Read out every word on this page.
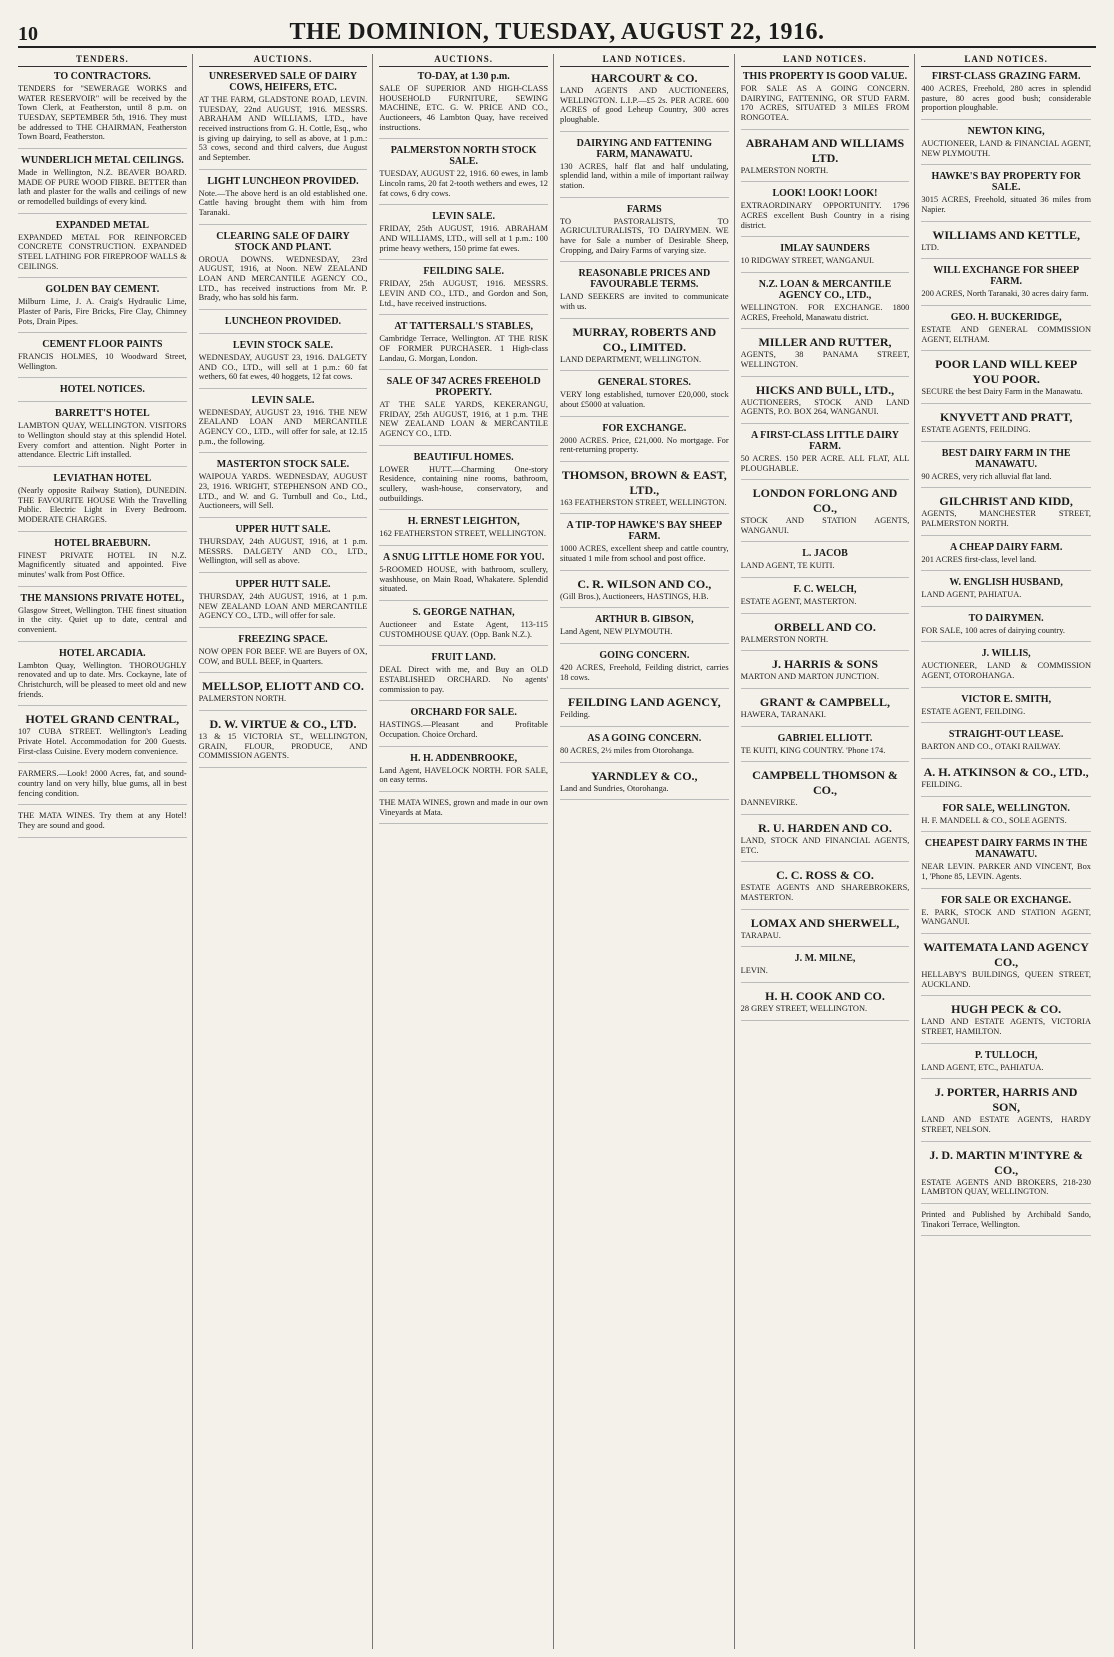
10	THE DOMINION, TUESDAY, AUGUST 22, 1916.
TENDERS.
TO CONTRACTORS.

TENDERS for "SEWERAGE WORKS and WATER RESERVOIR" will be received by the Town Clerk, at Featherston, until 8 p.m. on TUESDAY, SEPTEMBER 5th, 1916. They must be addressed to THE CHAIRMAN, Featherston Town Board, Featherston.

WUNDERLICH METAL CEILINGS.

Made in Wellington, N.Z. BEAVER BOARD. MADE OF PURE WOOD FIBRE. BETTER than lath and plaster for the walls and ceilings of new or remodelled buildings of every kind.

EXPANDED METAL

EXPANDED METAL FOR REINFORCED CONCRETE CONSTRUCTION. EXPANDED STEEL LATHING FOR FIREPROOF WALLS & CEILINGS.

GOLDEN BAY CEMENT.

Milburn Lime, J. A. Craig's Hydraulic Lime, Plaster of Paris, Fire Bricks, Fire Clay, Chimney Pots, Drain Pipes.

CEMENT FLOOR PAINTS

FRANCIS HOLMES, 10 Woodward Street, Wellington.

HOTEL NOTICES.
BARRETT'S HOTEL

LAMBTON QUAY, WELLINGTON. VISITORS to Wellington should stay at this splendid Hotel. Every comfort and attention. Night Porter in attendance. Electric Lift installed.

LEVIATHAN HOTEL

(Nearly opposite Railway Station), DUNEDIN. THE FAVOURITE HOUSE With the Travelling Public. Electric Light in Every Bedroom. MODERATE CHARGES.

HOTEL BRAEBURN.

FINEST PRIVATE HOTEL IN N.Z. Magnificently situated and appointed. Five minutes' walk from Post Office.

THE MANSIONS PRIVATE HOTEL,

Glasgow Street, Wellington. THE finest situation in the city. Quiet up to date, central and convenient.

HOTEL ARCADIA.

Lambton Quay, Wellington. THOROUGHLY renovated and up to date. Mrs. Cockayne, late of Christchurch, will be pleased to meet old and new friends.

HOTEL GRAND CENTRAL,

107 CUBA STREET. Wellington's Leading Private Hotel. Accommodation for 200 Guests. First-class Cuisine. Every modern convenience.

FARMERS.—Look! 2000 Acres, fat, and sound-country land on very hilly, blue gums, all in best fencing condition.

THE MATA WINES. Try them at any Hotel! They are sound and good.

AUCTIONS.
UNRESERVED SALE OF DAIRY COWS, HEIFERS, ETC.

AT THE FARM, GLADSTONE ROAD, LEVIN. TUESDAY, 22nd AUGUST, 1916. MESSRS. ABRAHAM AND WILLIAMS, LTD., have received instructions from G. H. Cottle, Esq., who is giving up dairying, to sell as above, at 1 p.m.: 53 cows, second and third calvers, due August and September.

LIGHT LUNCHEON PROVIDED.

Note.—The above herd is an old established one. Cattle having brought them with him from Taranaki.

CLEARING SALE OF DAIRY STOCK AND PLANT.

OROUA DOWNS. WEDNESDAY, 23rd AUGUST, 1916, at Noon. NEW ZEALAND LOAN AND MERCANTILE AGENCY CO., LTD., has received instructions from Mr. P. Brady, who has sold his farm.

LUNCHEON PROVIDED.
LEVIN STOCK SALE.

WEDNESDAY, AUGUST 23, 1916. DALGETY AND CO., LTD., will sell at 1 p.m.: 60 fat wethers, 60 fat ewes, 40 hoggets, 12 fat cows.

LEVIN SALE.

WEDNESDAY, AUGUST 23, 1916. THE NEW ZEALAND LOAN AND MERCANTILE AGENCY CO., LTD., will offer for sale, at 12.15 p.m., the following.

MASTERTON STOCK SALE.

WAIPOUA YARDS. WEDNESDAY, AUGUST 23, 1916. WRIGHT, STEPHENSON AND CO., LTD., and W. and G. Turnbull and Co., Ltd., Auctioneers, will Sell.

UPPER HUTT SALE.

THURSDAY, 24th AUGUST, 1916, at 1 p.m. MESSRS. DALGETY AND CO., LTD., Wellington, will sell as above.

UPPER HUTT SALE.

THURSDAY, 24th AUGUST, 1916, at 1 p.m. NEW ZEALAND LOAN AND MERCANTILE AGENCY CO., LTD., will offer for sale.

FREEZING SPACE.

NOW OPEN FOR BEEF. WE are Buyers of OX, COW, and BULL BEEF, in Quarters.

MELLSOP, ELIOTT AND CO.

PALMERSTON NORTH.

D. W. VIRTUE & CO., LTD.

13 & 15 VICTORIA ST., WELLINGTON, GRAIN, FLOUR, PRODUCE, AND COMMISSION AGENTS.

AUCTIONS.
TO-DAY, at 1.30 p.m.

SALE OF SUPERIOR AND HIGH-CLASS HOUSEHOLD FURNITURE, SEWING MACHINE, ETC. G. W. PRICE AND CO., Auctioneers, 46 Lambton Quay, have received instructions.

PALMERSTON NORTH STOCK SALE.

TUESDAY, AUGUST 22, 1916. 60 ewes, in lamb Lincoln rams, 20 fat 2-tooth wethers and ewes, 12 fat cows, 6 dry cows.

LEVIN SALE.

FRIDAY, 25th AUGUST, 1916. ABRAHAM AND WILLIAMS, LTD., will sell at 1 p.m.: 100 prime heavy wethers, 150 prime fat ewes.

FEILDING SALE.

FRIDAY, 25th AUGUST, 1916. MESSRS. LEVIN AND CO., LTD., and Gordon and Son, Ltd., have received instructions.

AT TATTERSALL'S STABLES,

Cambridge Terrace, Wellington. AT THE RISK OF FORMER PURCHASER. 1 High-class Landau, G. Morgan, London.

SALE OF 347 ACRES FREEHOLD PROPERTY.

AT THE SALE YARDS, KEKERANGU, FRIDAY, 25th AUGUST, 1916, at 1 p.m. THE NEW ZEALAND LOAN & MERCANTILE AGENCY CO., LTD.

BEAUTIFUL HOMES.

LOWER HUTT.—Charming One-story Residence, containing nine rooms, bathroom, scullery, wash-house, conservatory, and outbuildings.

H. ERNEST LEIGHTON,

162 FEATHERSTON STREET, WELLINGTON.

A SNUG LITTLE HOME FOR YOU.

5-ROOMED HOUSE, with bathroom, scullery, washhouse, on Main Road, Whakatere. Splendid situated.

S. GEORGE NATHAN,

Auctioneer and Estate Agent, 113-115 CUSTOMHOUSE QUAY. (Opp. Bank N.Z.).

FRUIT LAND.

DEAL Direct with me, and Buy an OLD ESTABLISHED ORCHARD. No agents' commission to pay.

ORCHARD FOR SALE.

HASTINGS.—Pleasant and Profitable Occupation. Choice Orchard.

H. H. ADDENBROOKE,

Land Agent, HAVELOCK NORTH. FOR SALE, on easy terms.

THE MATA WINES, grown and made in our own Vineyards at Mata.

LAND NOTICES.
HARCOURT & CO.

LAND AGENTS AND AUCTIONEERS, WELLINGTON. L.I.P.—£5 2s. PER ACRE. 600 ACRES of good Leheup Country, 300 acres ploughable.

DAIRYING AND FATTENING FARM, MANAWATU.

130 ACRES, half flat and half undulating, splendid land, within a mile of important railway station.

FARMS

TO PASTORALISTS, TO AGRICULTURALISTS, TO DAIRYMEN. WE have for Sale a number of Desirable Sheep, Cropping, and Dairy Farms of varying size.

REASONABLE PRICES AND FAVOURABLE TERMS.

LAND SEEKERS are invited to communicate with us.

MURRAY, ROBERTS AND CO., LIMITED.

LAND DEPARTMENT, WELLINGTON.

GENERAL STORES.

VERY long established, turnover £20,000, stock about £5000 at valuation.

FOR EXCHANGE.

2000 ACRES. Price, £21,000. No mortgage. For rent-returning property.

THOMSON, BROWN & EAST, LTD.,

163 FEATHERSTON STREET, WELLINGTON.

A TIP-TOP HAWKE'S BAY SHEEP FARM.

1000 ACRES, excellent sheep and cattle country, situated 1 mile from school and post office.

C. R. WILSON AND CO.,

(Gill Bros.), Auctioneers, HASTINGS, H.B.

ARTHUR B. GIBSON,

Land Agent, NEW PLYMOUTH.

GOING CONCERN.

420 ACRES, Freehold, Feilding district, carries 18 cows.

FEILDING LAND AGENCY,

Feilding.

AS A GOING CONCERN.

80 ACRES, 2½ miles from Otorohanga.

YARNDLEY & CO.,

Land and Sundries, Otorohanga.

LAND NOTICES.
THIS PROPERTY IS GOOD VALUE.

FOR SALE AS A GOING CONCERN. DAIRYING, FATTENING, OR STUD FARM. 170 ACRES, SITUATED 3 MILES FROM RONGOTEA.

ABRAHAM AND WILLIAMS LTD.

PALMERSTON NORTH.

LOOK! LOOK! LOOK!

EXTRAORDINARY OPPORTUNITY. 1796 ACRES excellent Bush Country in a rising district.

IMLAY SAUNDERS

10 RIDGWAY STREET, WANGANUI.

N.Z. LOAN & MERCANTILE AGENCY CO., LTD.,

WELLINGTON. FOR EXCHANGE. 1800 ACRES, Freehold, Manawatu district.

MILLER AND RUTTER,

AGENTS, 38 PANAMA STREET, WELLINGTON.

HICKS AND BULL, LTD.,

AUCTIONEERS, STOCK AND LAND AGENTS, P.O. BOX 264, WANGANUI.

A FIRST-CLASS LITTLE DAIRY FARM.

50 ACRES. 150 PER ACRE. ALL FLAT, ALL PLOUGHABLE.

LONDON FORLONG AND CO.,

STOCK AND STATION AGENTS, WANGANUI.

L. JACOB

LAND AGENT, TE KUITI.

F. C. WELCH,

ESTATE AGENT, MASTERTON.

ORBELL AND CO.

PALMERSTON NORTH.

J. HARRIS & SONS

MARTON AND MARTON JUNCTION.

GRANT & CAMPBELL,

HAWERA, TARANAKI.

GABRIEL ELLIOTT.

TE KUITI, KING COUNTRY. 'Phone 174.

CAMPBELL THOMSON & CO.,

DANNEVIRKE.

R. U. HARDEN AND CO.

LAND, STOCK AND FINANCIAL AGENTS, ETC.

C. C. ROSS & CO.

ESTATE AGENTS AND SHAREBROKERS, MASTERTON.

LOMAX AND SHERWELL,

TARAPAU.

J. M. MILNE,

LEVIN.

H. H. COOK AND CO.

28 GREY STREET, WELLINGTON.

LAND NOTICES.
FIRST-CLASS GRAZING FARM.

400 ACRES, Freehold, 280 acres in splendid pasture, 80 acres good bush; considerable proportion ploughable.

NEWTON KING,

AUCTIONEER, LAND & FINANCIAL AGENT, NEW PLYMOUTH.

HAWKE'S BAY PROPERTY FOR SALE.

3015 ACRES, Freehold, situated 36 miles from Napier.

WILLIAMS AND KETTLE,

LTD.

WILL EXCHANGE FOR SHEEP FARM.

200 ACRES, North Taranaki, 30 acres dairy farm.

GEO. H. BUCKERIDGE,

ESTATE AND GENERAL COMMISSION AGENT, ELTHAM.

POOR LAND WILL KEEP YOU POOR.

SECURE the best Dairy Farm in the Manawatu.

KNYVETT AND PRATT,

ESTATE AGENTS, FEILDING.

BEST DAIRY FARM IN THE MANAWATU.

90 ACRES, very rich alluvial flat land.

GILCHRIST AND KIDD,

AGENTS, MANCHESTER STREET, PALMERSTON NORTH.

A CHEAP DAIRY FARM.

201 ACRES first-class, level land.

W. ENGLISH HUSBAND,

LAND AGENT, PAHIATUA.

TO DAIRYMEN.

FOR SALE, 100 acres of dairying country.

J. WILLIS,

AUCTIONEER, LAND & COMMISSION AGENT, OTOROHANGA.

VICTOR E. SMITH,

ESTATE AGENT, FEILDING.

STRAIGHT-OUT LEASE.

BARTON AND CO., OTAKI RAILWAY.

A. H. ATKINSON & CO., LTD.,

FEILDING.

FOR SALE, WELLINGTON.

H. F. MANDELL & CO., SOLE AGENTS.

CHEAPEST DAIRY FARMS IN THE MANAWATU.

NEAR LEVIN. PARKER AND VINCENT, Box 1, 'Phone 85, LEVIN. Agents.

FOR SALE OR EXCHANGE.

E. PARK, STOCK AND STATION AGENT, WANGANUI.

WAITEMATA LAND AGENCY CO.,

HELLABY'S BUILDINGS, QUEEN STREET, AUCKLAND.

HUGH PECK & CO.

LAND AND ESTATE AGENTS, VICTORIA STREET, HAMILTON.

P. TULLOCH,

LAND AGENT, ETC., PAHIATUA.

J. PORTER, HARRIS AND SON,

LAND AND ESTATE AGENTS, HARDY STREET, NELSON.

J. D. MARTIN M'INTYRE & CO.,

ESTATE AGENTS AND BROKERS, 218-230 LAMBTON QUAY, WELLINGTON.

Printed and Published by Archibald Sando, Tinakori Terrace, Wellington.
